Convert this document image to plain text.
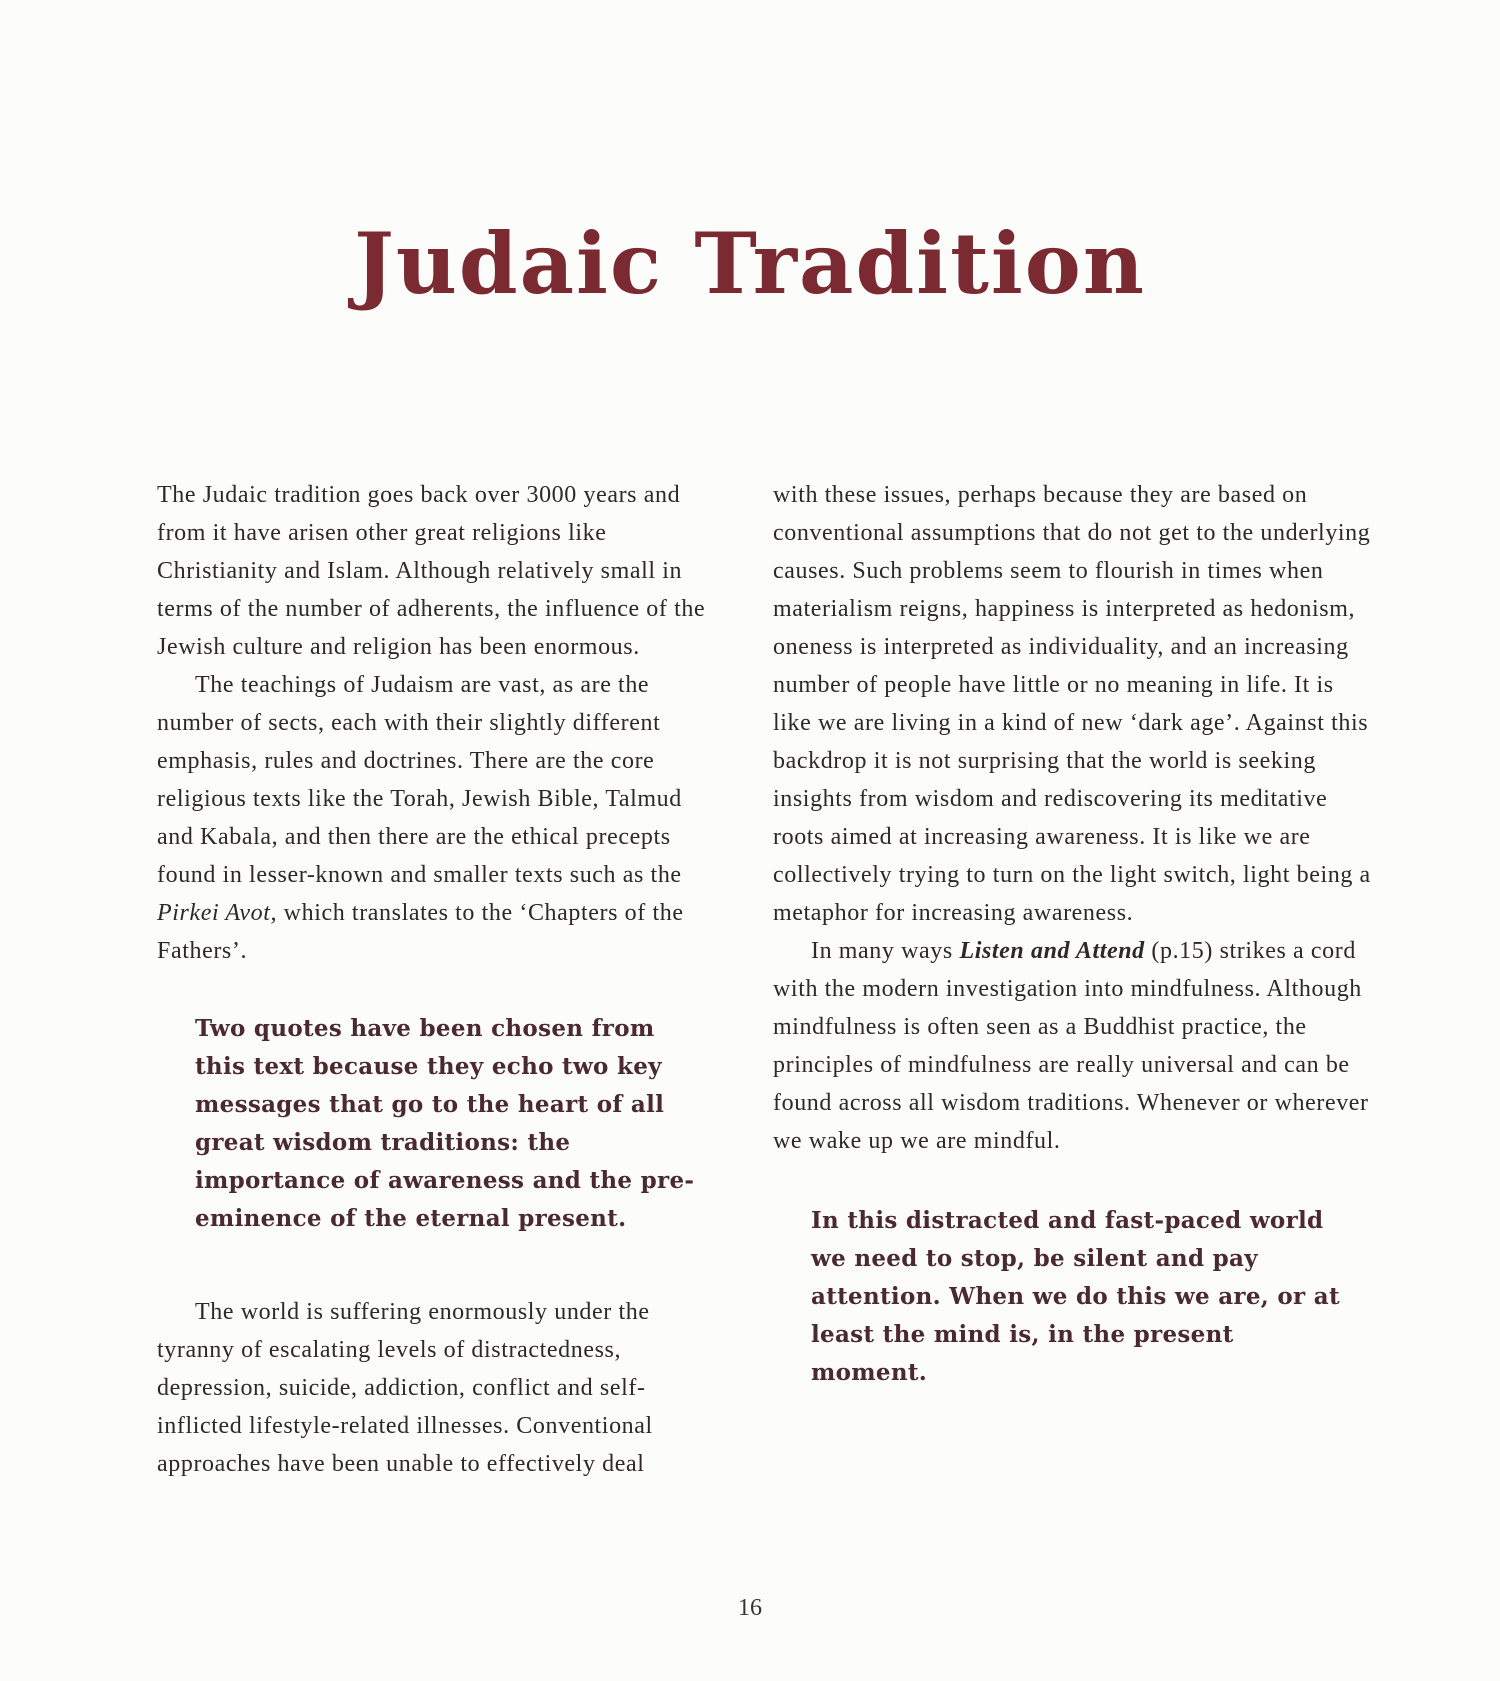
Judaic Tradition

The Judaic tradition goes back over 3000 years and from it have arisen other great religions like Christianity and Islam. Although relatively small in terms of the number of adherents, the influence of the Jewish culture and religion has been enormous.

The teachings of Judaism are vast, as are the number of sects, each with their slightly different emphasis, rules and doctrines. There are the core religious texts like the Torah, Jewish Bible, Talmud and Kabala, and then there are the ethical precepts found in lesser-known and smaller texts such as the Pirkei Avot, which translates to the ‘Chapters of the Fathers’.

Two quotes have been chosen from this text because they echo two key messages that go to the heart of all great wisdom traditions: the importance of awareness and the pre-eminence of the eternal present.

The world is suffering enormously under the tyranny of escalating levels of distractedness, depression, suicide, addiction, conflict and self-inflicted lifestyle-related illnesses. Conventional approaches have been unable to effectively deal

with these issues, perhaps because they are based on conventional assumptions that do not get to the underlying causes. Such problems seem to flourish in times when materialism reigns, happiness is interpreted as hedonism, oneness is interpreted as individuality, and an increasing number of people have little or no meaning in life. It is like we are living in a kind of new ‘dark age’. Against this backdrop it is not surprising that the world is seeking insights from wisdom and rediscovering its meditative roots aimed at increasing awareness. It is like we are collectively trying to turn on the light switch, light being a metaphor for increasing awareness.

In many ways Listen and Attend (p.15) strikes a cord with the modern investigation into mindfulness. Although mindfulness is often seen as a Buddhist practice, the principles of mindfulness are really universal and can be found across all wisdom traditions. Whenever or wherever we wake up we are mindful.

In this distracted and fast-paced world we need to stop, be silent and pay attention. When we do this we are, or at least the mind is, in the present moment.

16
